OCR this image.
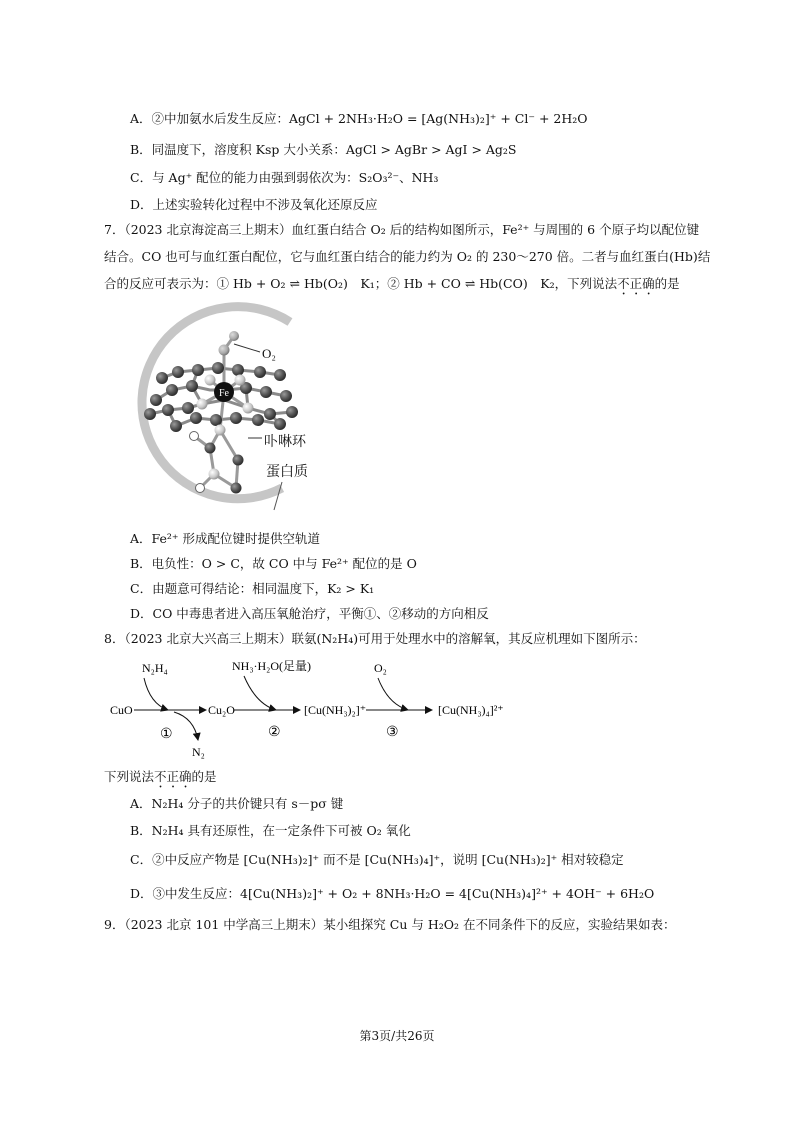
A．②中加氨水后发生反应：AgCl + 2NH₃·H₂O = [Ag(NH₃)₂]⁺ + Cl⁻ + 2H₂O
B．同温度下，溶度积 Ksp 大小关系：AgCl > AgBr > AgI > Ag₂S
C．与 Ag⁺ 配位的能力由强到弱依次为：S₂O₃²⁻、NH₃
D．上述实验转化过程中不涉及氧化还原反应
7．（2023 北京海淀高三上期末）血红蛋白结合 O₂ 后的结构如图所示，Fe²⁺ 与周围的 6 个原子均以配位键
结合。CO 也可与血红蛋白配位，它与血红蛋白结合的能力约为 O₂ 的 230～270 倍。二者与血红蛋白(Hb)结
合的反应可表示为：① Hb + O₂ ⇌ Hb(O₂)　K₁；② Hb + CO ⇌ Hb(CO)　K₂，下列说法不正确的是
Fe
O₂
卟啉环
蛋白质
A．Fe²⁺ 形成配位键时提供空轨道
B．电负性：O > C，故 CO 中与 Fe²⁺ 配位的是 O
C．由题意可得结论：相同温度下，K₂ > K₁
D．CO 中毒患者进入高压氧舱治疗，平衡①、②移动的方向相反
8．（2023 北京大兴高三上期末）联氨(N₂H₄)可用于处理水中的溶解氧，其反应机理如下图所示：
N₂H₄	NH₃·H₂O(足量)	O₂
CuO	Cu₂O	[Cu(NH₃)₂]⁺	[Cu(NH₃)₄]²⁺
N₂
①	②	③
下列说法不正确的是
A．N₂H₄ 分子的共价键只有 s－pσ 键
B．N₂H₄ 具有还原性，在一定条件下可被 O₂ 氧化
C．②中反应产物是 [Cu(NH₃)₂]⁺ 而不是 [Cu(NH₃)₄]⁺，说明 [Cu(NH₃)₂]⁺ 相对较稳定
D．③中发生反应：4[Cu(NH₃)₂]⁺ + O₂ + 8NH₃·H₂O = 4[Cu(NH₃)₄]²⁺ + 4OH⁻ + 6H₂O
9．（2023 北京 101 中学高三上期末）某小组探究 Cu 与 H₂O₂ 在不同条件下的反应，实验结果如表：
第3页/共26页
